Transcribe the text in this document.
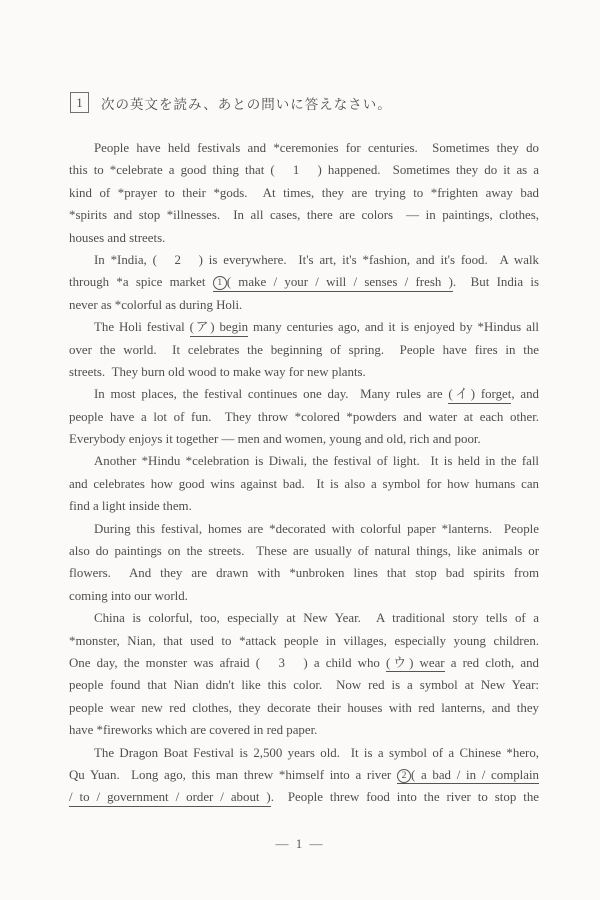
1	次の英文を読み、あとの問いに答えなさい。
People have held festivals and *ceremonies for centuries.  Sometimes they do
this to *celebrate a good thing that (   1   ) happened.  Sometimes they do it as a
kind of *prayer to their *gods.  At times, they are trying to *frighten away bad
*spirits and stop *illnesses.  In all cases, there are colors  — in paintings, clothes,
houses and streets.
In *India, (   2   ) is everywhere.  It's art, it's *fashion, and it's food.  A walk
through *a spice market 1 ( make / your / will / senses / fresh ).  But India is
never as *colorful as during Holi.
The Holi festival (ア) begin many centuries ago, and it is enjoyed by *Hindus all
over the world.  It celebrates the beginning of spring.  People have fires in the
streets.  They burn old wood to make way for new plants.
In most places, the festival continues one day.  Many rules are (イ) forget, and
people have a lot of fun.  They throw *colored *powders and water at each other.
Everybody enjoys it together — men and women, young and old, rich and poor.
Another *Hindu *celebration is Diwali, the festival of light.  It is held in the fall
and celebrates how good wins against bad.  It is also a symbol for how humans can
find a light inside them.
During this festival, homes are *decorated with colorful paper *lanterns.  People
also do paintings on the streets.  These are usually of natural things, like animals or
flowers.  And they are drawn with *unbroken lines that stop bad spirits from
coming into our world.
China is colorful, too, especially at New Year.  A traditional story tells of a
*monster, Nian, that used to *attack people in villages, especially young children.
One day, the monster was afraid (   3   ) a child who (ウ) wear a red cloth, and
people found that Nian didn't like this color.  Now red is a symbol at New Year:
people wear new red clothes, they decorate their houses with red lanterns, and they
have *fireworks which are covered in red paper.
The Dragon Boat Festival is 2,500 years old.  It is a symbol of a Chinese *hero,
Qu Yuan.  Long ago, this man threw *himself into a river 2 ( a bad / in / complain
/ to / government / order / about ).  People threw food into the river to stop the
— 1 —
